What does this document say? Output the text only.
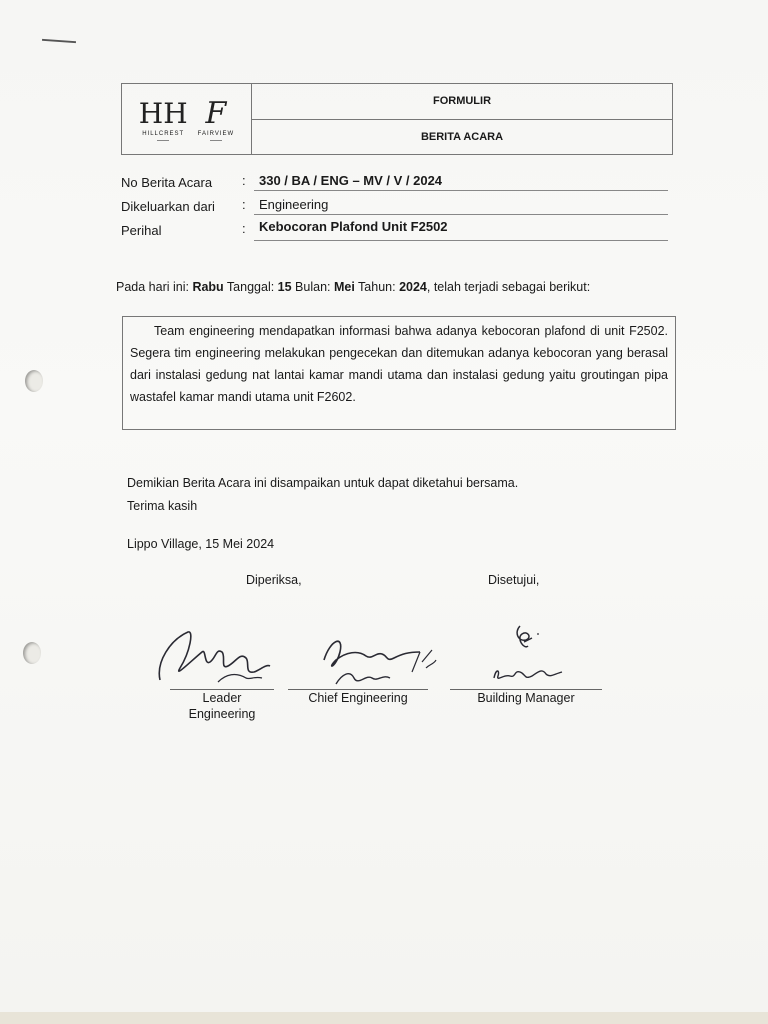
HH
HILLCREST
F
FAIRVIEW
FORMULIR
BERITA ACARA
No Berita Acara : 330 / BA / ENG – MV / V / 2024
Dikeluarkan dari : Engineering
Perihal	: Kebocoran Plafond Unit F2502
Pada hari ini: Rabu Tanggal: 15 Bulan: Mei Tahun: 2024, telah terjadi sebagai berikut:

Team engineering mendapatkan informasi bahwa adanya kebocoran plafond di unit F2502. Segera tim engineering melakukan pengecekan dan ditemukan adanya kebocoran yang berasal dari instalasi gedung nat lantai kamar mandi utama dan instalasi gedung yaitu groutingan pipa wastafel kamar mandi utama unit F2602.

Demikian Berita Acara ini disampaikan untuk dapat diketahui bersama.
Terima kasih
Lippo Village, 15 Mei 2024
Diperiksa,	Disetujui,
Leader Engineering
Chief Engineering	Building Manager
